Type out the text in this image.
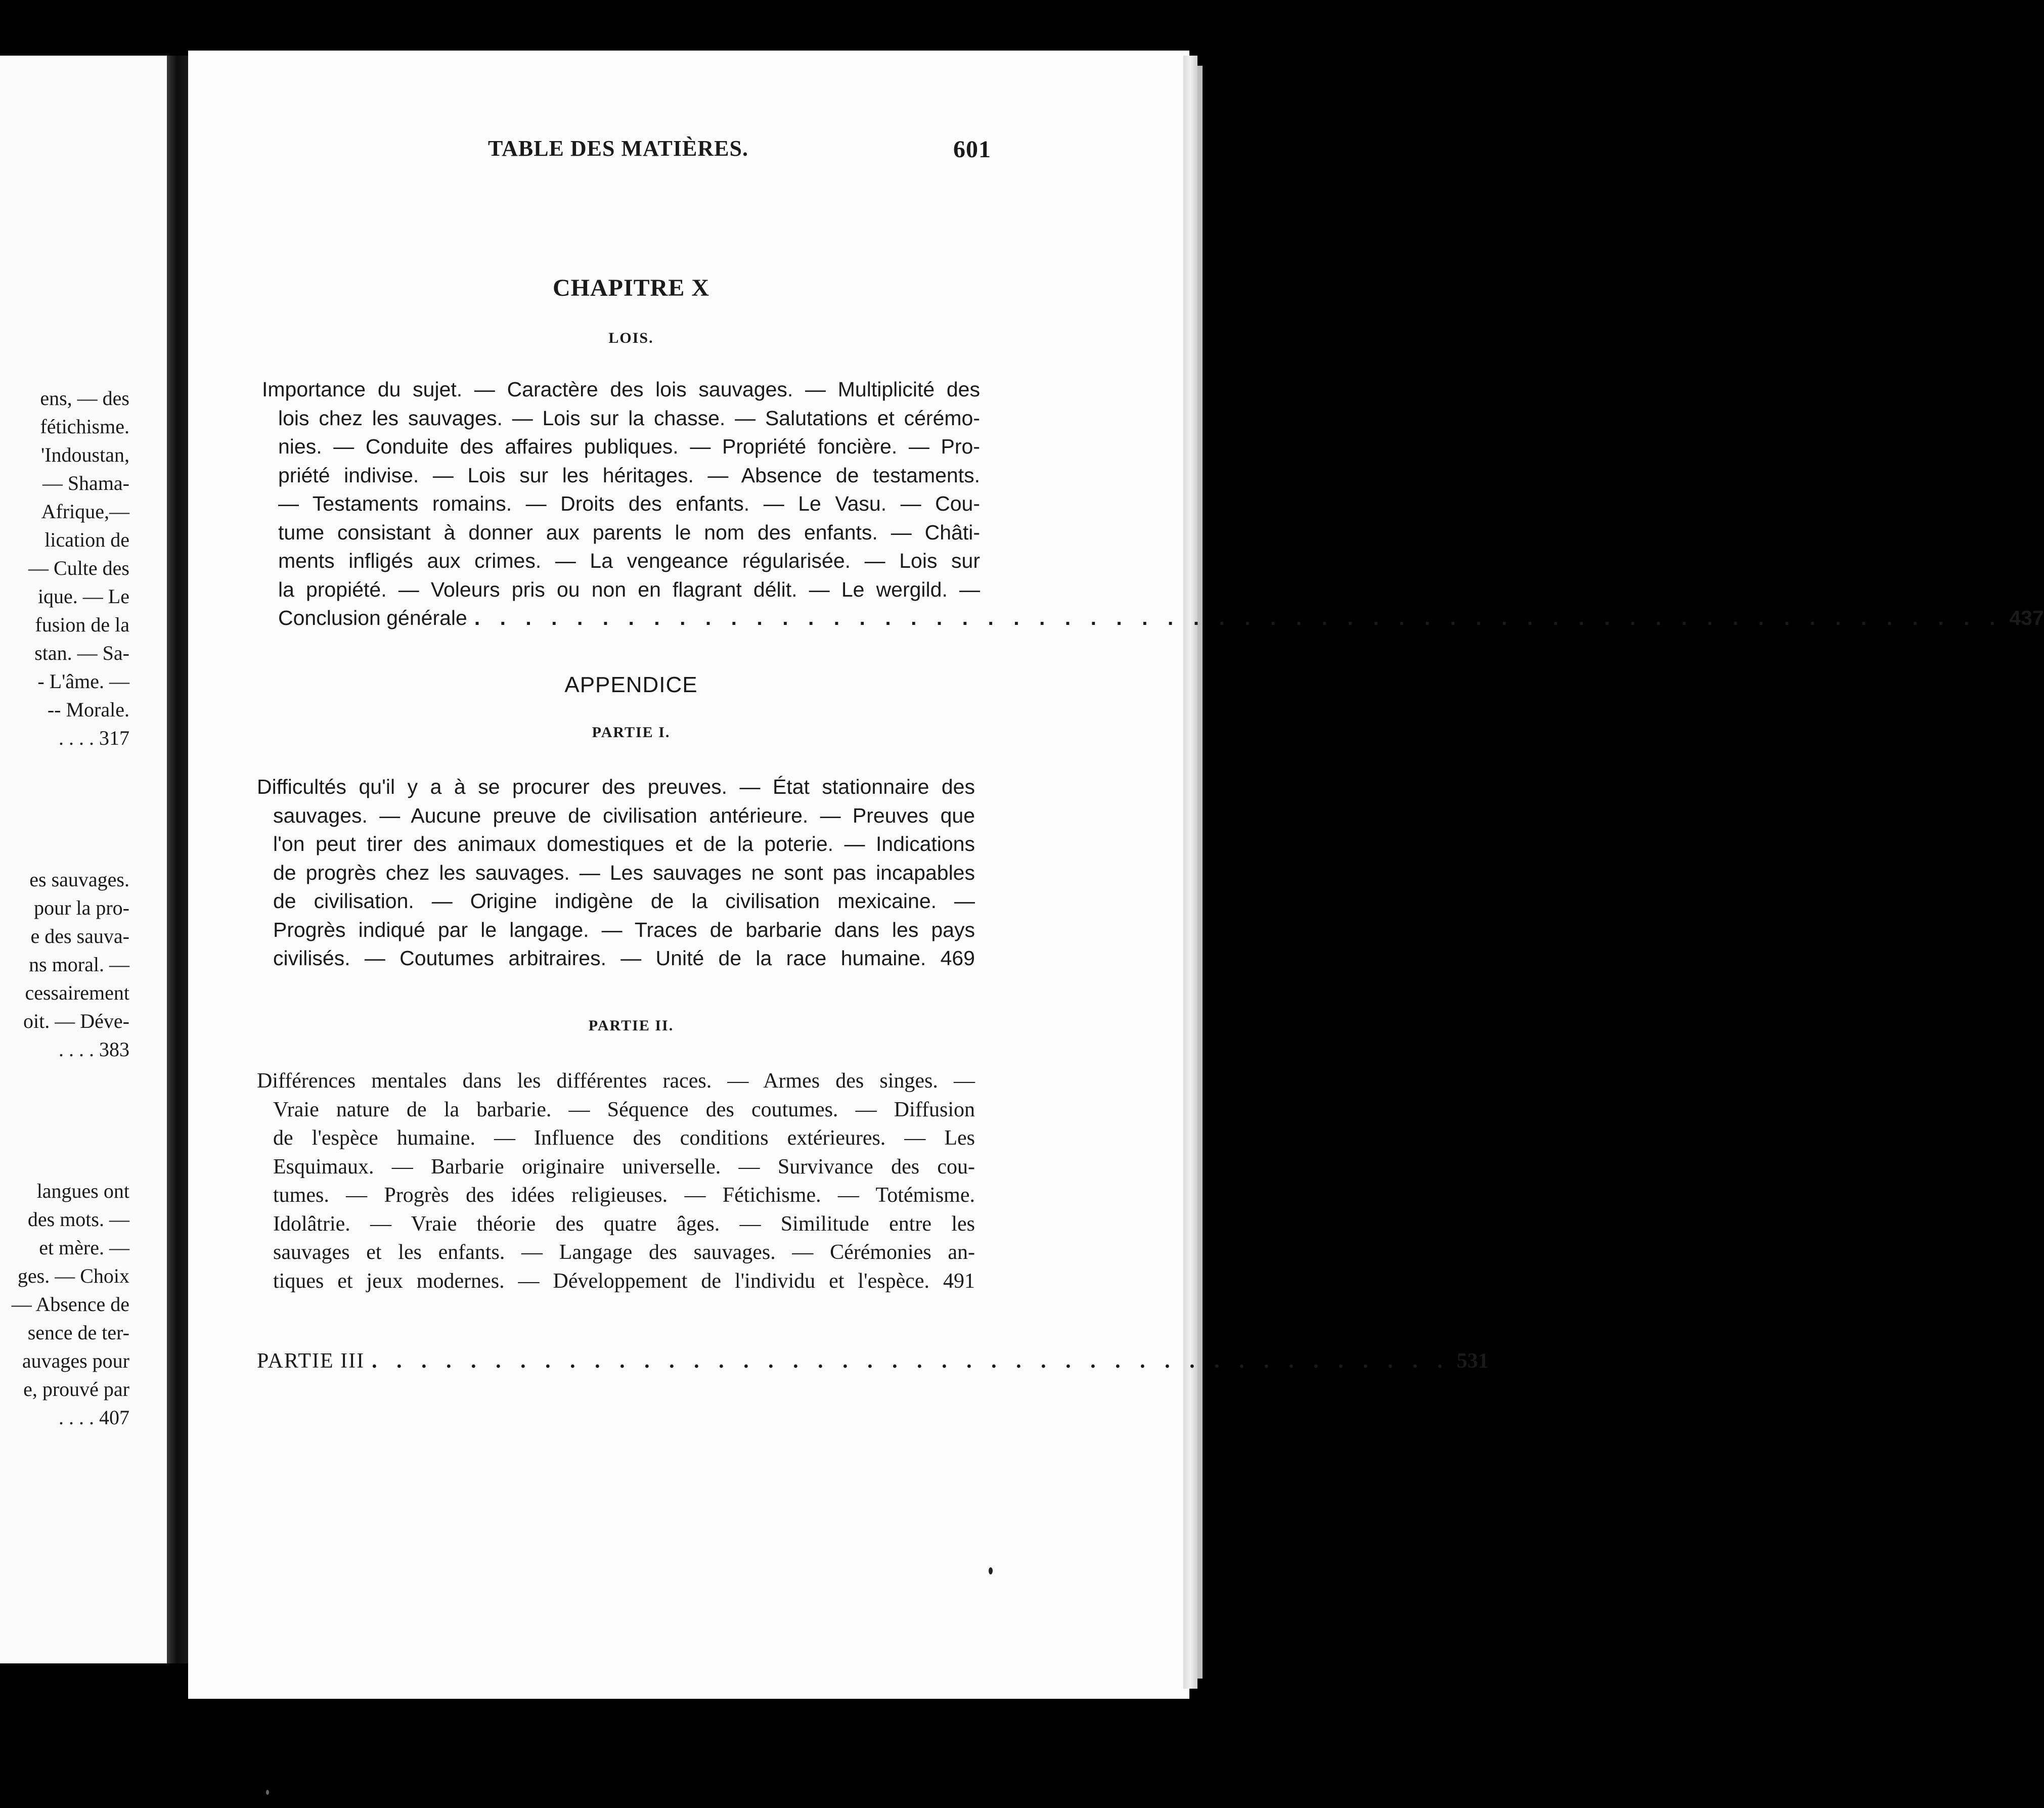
ens, — des
fétichisme.
'Indoustan,
— Shama-
Afrique,—
lication de
— Culte des
ique. — Le
fusion de la
stan. — Sa-
- L'âme. —
-- Morale.
. . . . 317
es sauvages.
pour la pro-
e des sauva-
ns moral. —
cessairement
oit. — Déve-
. . . . 383
langues ont
des mots. —
et mère. —
ges. — Choix
— Absence de
sence de ter-
auvages pour
e, prouvé par
. . . . 407
TABLE DES MATIÈRES.	601
CHAPITRE X
LOIS.
Importance du sujet. — Caractère des lois sauvages. — Multiplicité des
lois chez les sauvages. — Lois sur la chasse. — Salutations et cérémo-
nies. — Conduite des affaires publiques. — Propriété foncière. — Pro-
priété indivise. — Lois sur les héritages. — Absence de testaments.
— Testaments romains. — Droits des enfants. — Le Vasu. — Cou-
tume consistant à donner aux parents le nom des enfants. — Châti-
ments infligés aux crimes. — La vengeance régularisée. — Lois sur
la propiété. — Voleurs pris ou non en flagrant délit. — Le wergild. —
Conclusion générale . . . . . . . . . . . . . . . . . . . . . . . . . . . . . . . . . . . . . . . . . . . . . . . . . . . . . . . . . . . . 437
APPENDICE
PARTIE I.
Difficultés qu'il y a à se procurer des preuves. — État stationnaire des
sauvages. — Aucune preuve de civilisation antérieure. — Preuves que
l'on peut tirer des animaux domestiques et de la poterie. — Indications
de progrès chez les sauvages. — Les sauvages ne sont pas incapables
de civilisation. — Origine indigène de la civilisation mexicaine. —
Progrès indiqué par le langage. — Traces de barbarie dans les pays
civilisés. — Coutumes arbitraires. — Unité de la race humaine. 469
PARTIE II.
Différences mentales dans les différentes races. — Armes des singes. —
Vraie nature de la barbarie. — Séquence des coutumes. — Diffusion
de l'espèce humaine. — Influence des conditions extérieures. — Les
Esquimaux. — Barbarie originaire universelle. — Survivance des cou-
tumes. — Progrès des idées religieuses. — Fétichisme. — Totémisme.
Idolâtrie. — Vraie théorie des quatre âges. — Similitude entre les
sauvages et les enfants. — Langage des sauvages. — Cérémonies an-
tiques et jeux modernes. — Développement de l'individu et l'espèce. 491
PARTIE III . . . . . . . . . . . . . . . . . . . . . . . . . . . . . . . . . . . . . . . . . . . . 531
